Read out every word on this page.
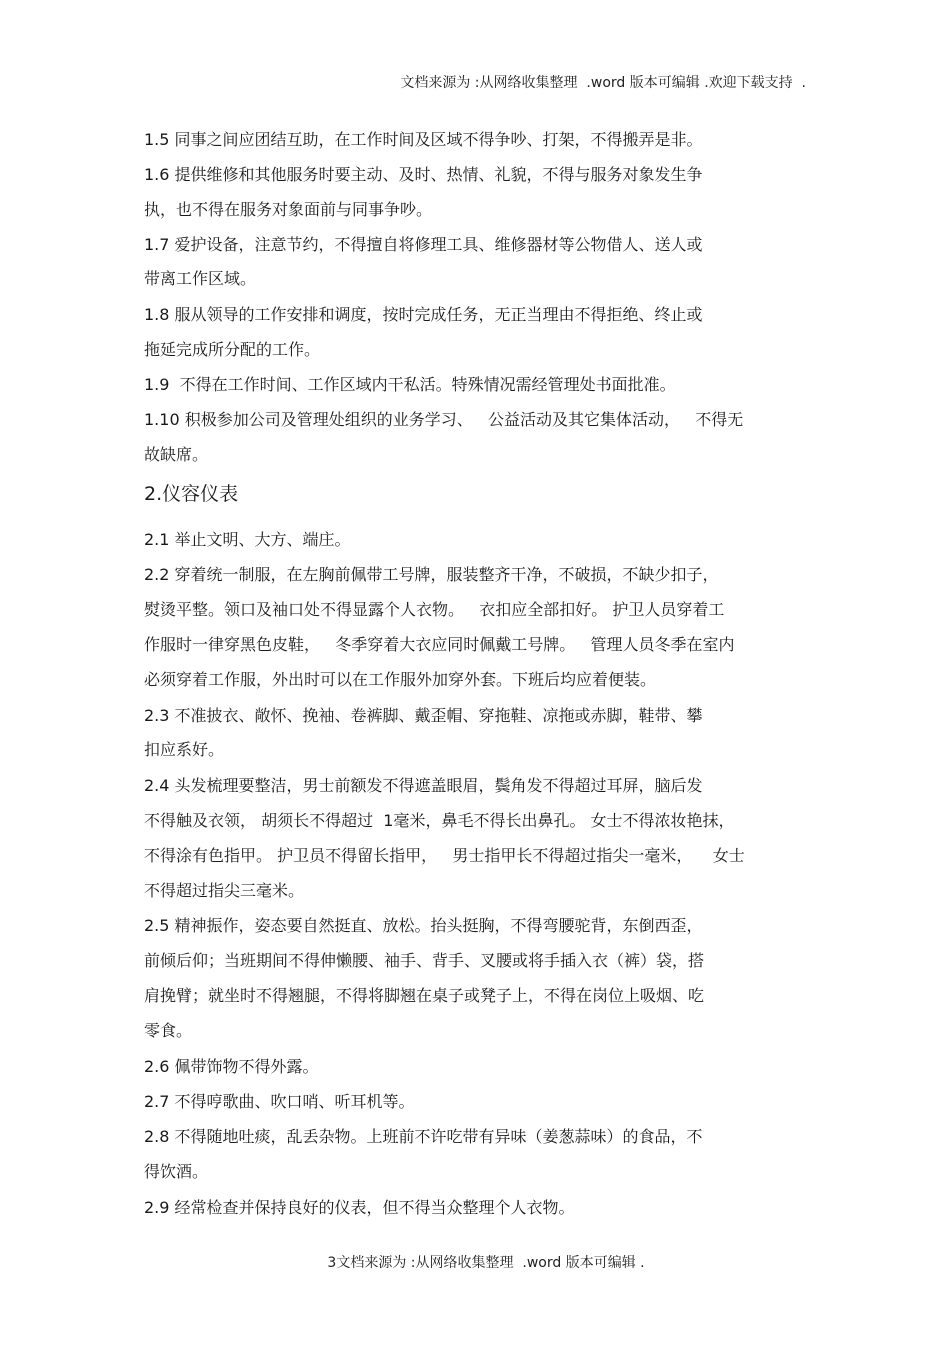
文档来源为 :从网络收集整理  .word 版本可编辑 .欢迎下载支持  .
1.5 同事之间应团结互助，在工作时间及区域不得争吵、打架，不得搬弄是非。
1.6 提供维修和其他服务时要主动、及时、热情、礼貌，不得与服务对象发生争
执，也不得在服务对象面前与同事争吵。
1.7 爱护设备，注意节约，不得擅自将修理工具、维修器材等公物借人、送人或
带离工作区域。
1.8 服从领导的工作安排和调度，按时完成任务，无正当理由不得拒绝、终止或
拖延完成所分配的工作。
1.9  不得在工作时间、工作区域内干私活。特殊情况需经管理处书面批准。
1.10 积极参加公司及管理处组织的业务学习、   公益活动及其它集体活动，   不得无
故缺席。
2.仪容仪表
2.1 举止文明、大方、端庄。
2.2 穿着统一制服，在左胸前佩带工号牌，服装整齐干净，不破损，不缺少扣子，
熨烫平整。领口及袖口处不得显露个人衣物。   衣扣应全部扣好。 护卫人员穿着工
作服时一律穿黑色皮鞋，   冬季穿着大衣应同时佩戴工号牌。   管理人员冬季在室内
必须穿着工作服，外出时可以在工作服外加穿外套。下班后均应着便装。
2.3 不准披衣、敞怀、挽袖、卷裤脚、戴歪帽、穿拖鞋、凉拖或赤脚，鞋带、攀
扣应系好。
2.4 头发梳理要整洁，男士前额发不得遮盖眼眉，鬓角发不得超过耳屏，脑后发
不得触及衣领， 胡须长不得超过  1毫米，鼻毛不得长出鼻孔。 女士不得浓妆艳抹，
不得涂有色指甲。 护卫员不得留长指甲，   男士指甲长不得超过指尖一毫米，    女士
不得超过指尖三毫米。
2.5 精神振作，姿态要自然挺直、放松。抬头挺胸，不得弯腰驼背，东倒西歪，
前倾后仰；当班期间不得伸懒腰、袖手、背手、叉腰或将手插入衣（裤）袋，搭
肩挽臂；就坐时不得翘腿，不得将脚翘在桌子或凳子上，不得在岗位上吸烟、吃
零食。
2.6 佩带饰物不得外露。
2.7 不得哼歌曲、吹口哨、听耳机等。
2.8 不得随地吐痰，乱丢杂物。上班前不许吃带有异味（姜葱蒜味）的食品，不
得饮酒。
2.9 经常检查并保持良好的仪表，但不得当众整理个人衣物。
3文档来源为 :从网络收集整理  .word 版本可编辑 .
